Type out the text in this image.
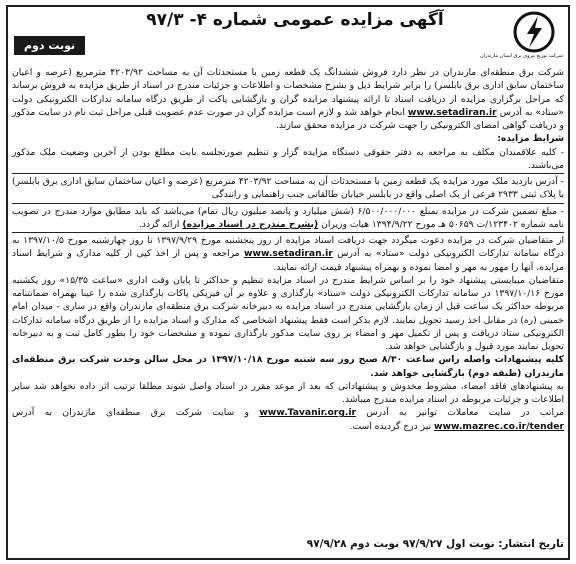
نوبت دوم
آگهی مزایده عمومی شماره ۴- ۹۷/۳
شرکت توزیع نیروی برق استان مازندران

شرکت برق منطقه‌ای مازندران در نظر دارد فروش ششدانگ یک قطعه زمین با مستحدثات آن به مساحت ۴۲۰۳/۹۲ مترمربع (عرصه و اعیان ساختمان سابق اداری برق بابلسر) را برابر شرایط ذیل و بشرح مشخصات و اطلاعات و جزئیات مندرج در اسناد از طریق مزایده به فروش برساند که مراحل برگزاری مزایده از دریافت اسناد تا ارائه پیشنهاد مزایده گران و بازگشایی پاکت از طریق درگاه سامانه تدارکات الکترونیکی دولت «ستاد» به آدرس www.setadiran.ir انجام خواهد شد و لازم است مزایده گران در صورت عدم عضویت قبلی مراحل ثبت نام در سایت مذکور و دریافت گواهی امضای الکترونیکی را جهت شرکت در مزایده محقق سازند.

شرایط مزایده:

- کلیه علاقمندان مکلف به مراجعه به دفتر حقوقی دستگاه مزایده گزار و تنظیم صورتجلسه بابت مطلع بودن از آخرین وضعیت ملک مذکور می‌باشند.

- آدرس بازدید ملک مورد مزایده یک قطعه زمین با مستحدثات آن به مساحت ۴۲۰۳/۹۲ مترمربع (عرصه و اعیان ساختمان سابق اداری برق بابلسر) با پلاک ثبتی ۲۹۳۳ فرعی از یک اصلی واقع در بابلسر خیابان طالقانی جنب راهنمایی و رانندگی

- مبلغ تضمین شرکت در مزایده بمبلغ ۶/۵۰۰/۰۰۰/۰۰۰ (شش میلیارد و پانصد میلیون ریال تمام) می‌باشد که باید مطابق موارد مندرج در تصویب نامه شماره ۱۲۳۴۰۲/ت ۵۰۶۵۹ هـ مورخ ۱۳۹۴/۹/۲۲ هیات وزیران (بشرح مندرج در اسناد مزایده) ارائه گردد.

از متقاضیان شرکت در مزایده دعوت میگردد جهت دریافت اسناد مزایده از روز پنجشنبه مورخ ۱۳۹۷/۹/۲۹ تا روز چهارشنبه مورخ ۱۳۹۷/۱۰/۵ به درگاه سامانه تدارکات الکترونیکی دولت «ستاد» به آدرس www.setadiran.ir مراجعه و پس از اخذ کپی از کلیه مدارک و شرایط اسناد مزایده، آنها را مهور به مهر و امضا نموده و بهمراه پیشنهاد قیمت ارائه نمایند.

متقاضیان میبایستی پیشنهاد خود را بر اساس شرایط مندرج در اسناد مزایده تنظیم و حداکثر تا پایان وقت اداری «ساعت ۱۵/۳۵» روز یکشنبه مورخ ۱۳۹۷/۱۰/۱۶ در سامانه تدارکات الکترونیکی دولت «ستاد» بارگذاری و علاوه بر آن فیزیکی پاکات بارگذاری شده را عینا بهمراه ضمانتنامه مربوطه حداکثر یک ساعت قبل از زمان بازگشایی مندرج در اسناد مزایده به دبیرخانه شرکت برق منطقه‌ای مازندران واقع در ساری - میدان امام خمینی (ره) در مقابل اخذ رسید تحویل نمایند. لازم بذکر است فقط پیشنهاد اشخاصی که مدارک و اسناد مزایده را از طریق درگاه سامانه تدارکات الکترونیکی ستاد دریافت و پس از تکمیل مهر و امضاء بر روی سایت مذکور بارگذاری نموده و مشخصات خود را بطور کامل ثبت و به دبیرخانه تحویل نمایند مورد قبول و بازگشایی خواهد شد.

کلیه پیشنهادات واصله راس ساعت ۸/۳۰ صبح روز سه شنبه مورخ ۱۳۹۷/۱۰/۱۸ در محل سالن وحدت شرکت برق منطقه‌ای مازندران (طبقه دوم) بازگشایی خواهد شد.

به پیشنهادهای فاقد امضاء، مشروط مخدوش و پیشنهاداتی که بعد از موعد مقرر در اسناد واصل شوند مطلقا ترتیب اثر داده نخواهد شد سایر اطلاعات و جزئیات مربوطه در اسناد مزایده مندرج میباشد.

مراتب در سایت معاملات توانیر به آدرس www.Tavanir.org.ir و سایت شرکت برق منطقه‌ای مازندران به آدرس www.mazrec.co.ir/tender نیز درج گردیده است.

تاریخ انتشار: نوبت اول ۹۷/۹/۲۷ نوبت دوم ۹۷/۹/۲۸
